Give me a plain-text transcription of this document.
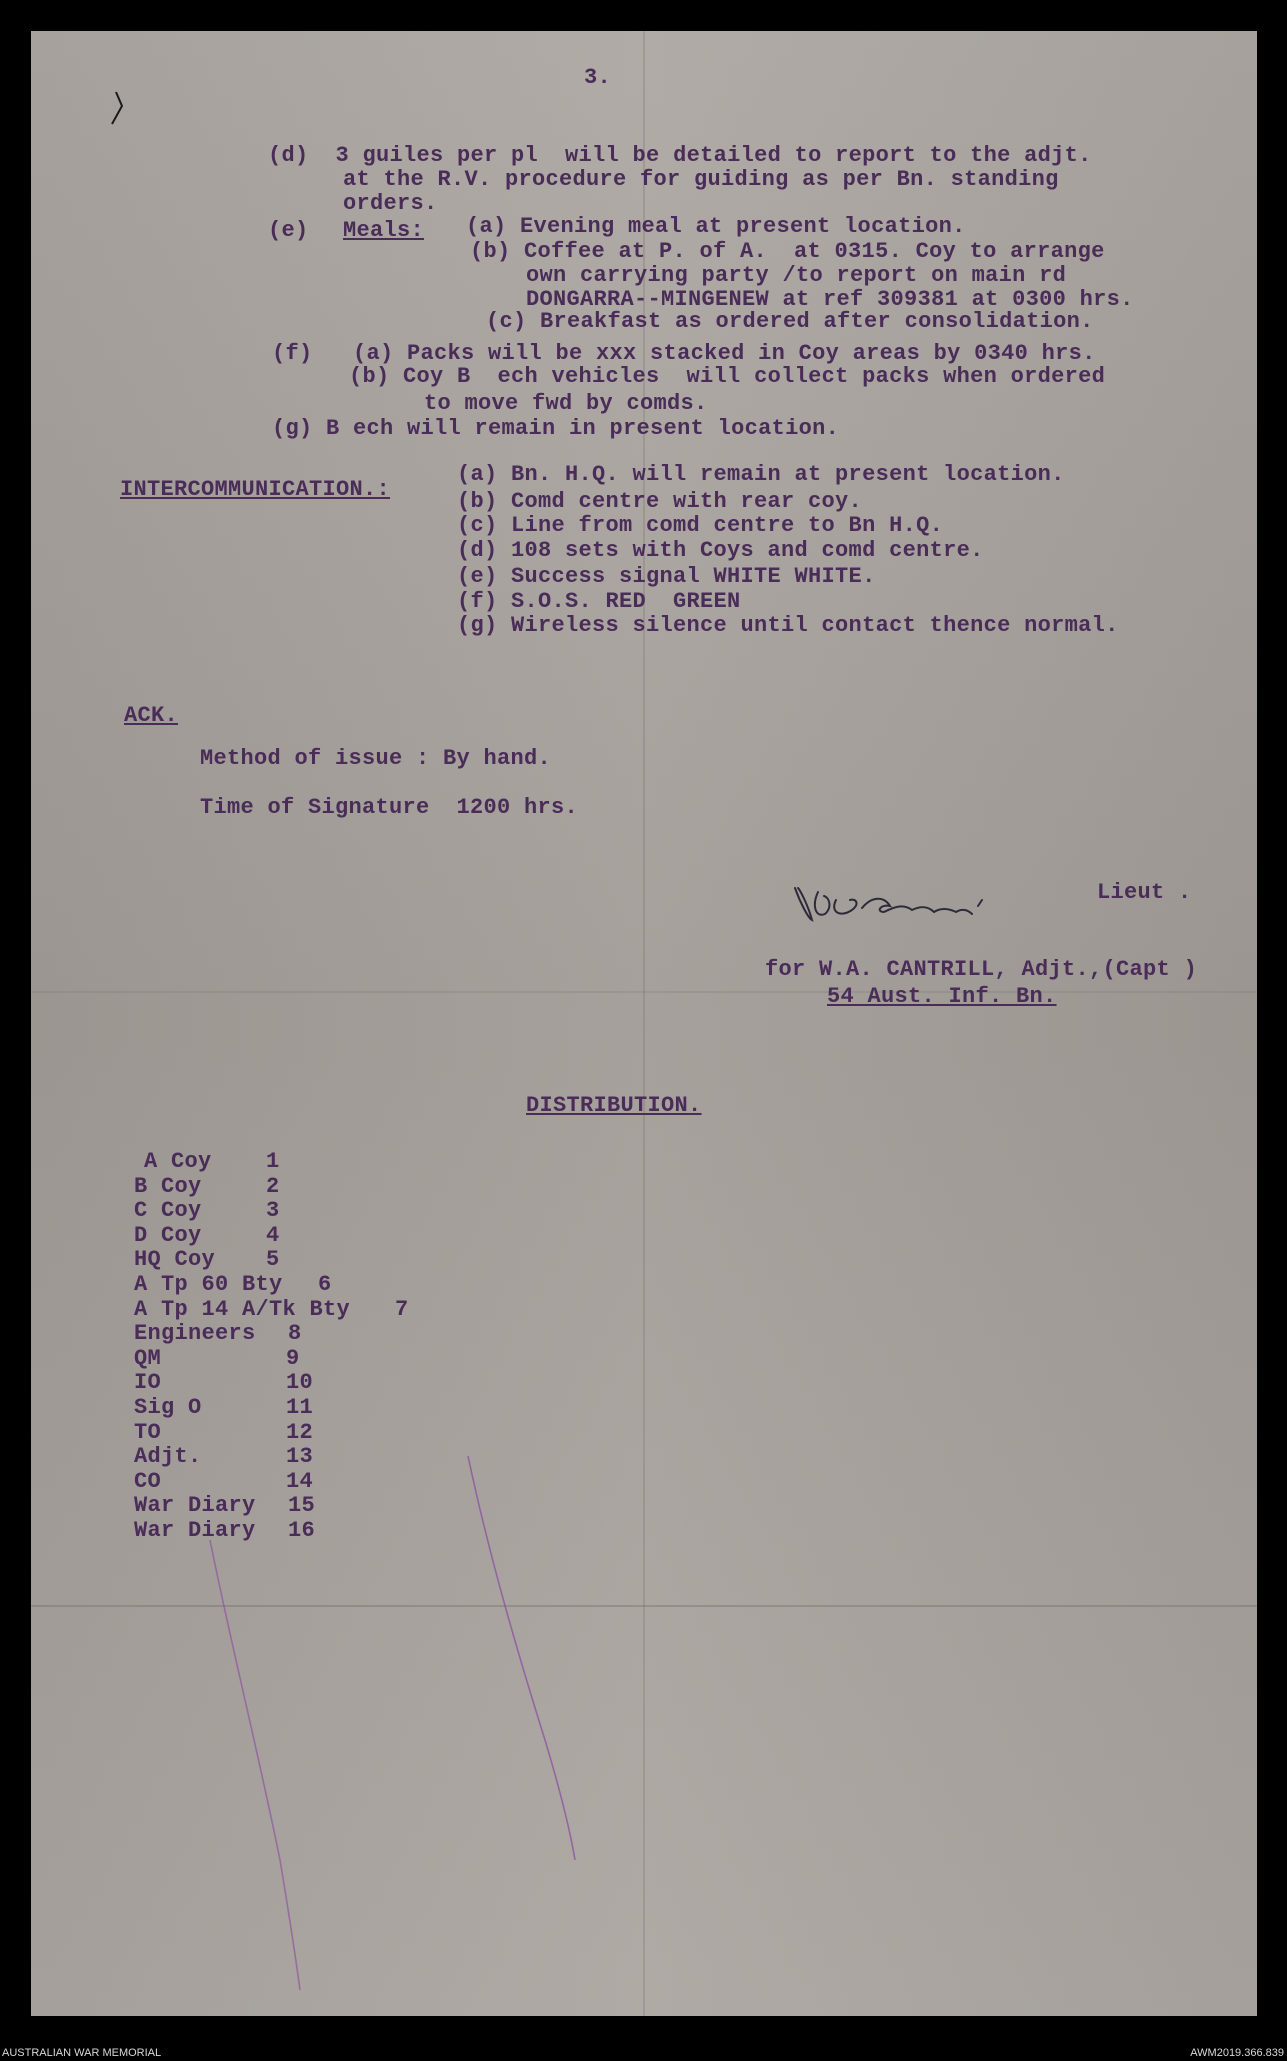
3.
(d)  3 guiles per pl  will be detailed to report to the adjt.
at the R.V. procedure for guiding as per Bn. standing
orders.
(e) Meals: (a) Evening meal at present location.
(b) Coffee at P. of A.  at 0315. Coy to arrange
own carrying party /to report on main rd
DONGARRA--MINGENEW at ref 309381 at 0300 hrs.
(c) Breakfast as ordered after consolidation.
(f)   (a) Packs will be xxx stacked in Coy areas by 0340 hrs.
(b) Coy B  ech vehicles  will collect packs when ordered
to move fwd by comds.
(g) B ech will remain in present location.
INTERCOMMUNICATION.:
(a) Bn. H.Q. will remain at present location.
(b) Comd centre with rear coy.
(c) Line from comd centre to Bn H.Q.
(d) 108 sets with Coys and comd centre.
(e) Success signal WHITE WHITE.
(f) S.O.S. RED  GREEN
(g) Wireless silence until contact thence normal.
ACK.
Method of issue : By hand.
Time of Signature  1200 hrs.
Lieut .
for W.A. CANTRILL, Adjt.,(Capt )
54 Aust. Inf. Bn.
DISTRIBUTION.
A Coy 1
B Coy	2
C Coy	3
D Coy	4
HQ Coy 5
A Tp 60 Bty 6
A Tp 14 A/Tk Bty 7
Engineers 8
QM	9
IO	10
Sig O	11
TO	12
Adjt.	13
CO	14
War Diary 15
War Diary 16
AUSTRALIAN WAR MEMORIAL	AWM2019.366.839
